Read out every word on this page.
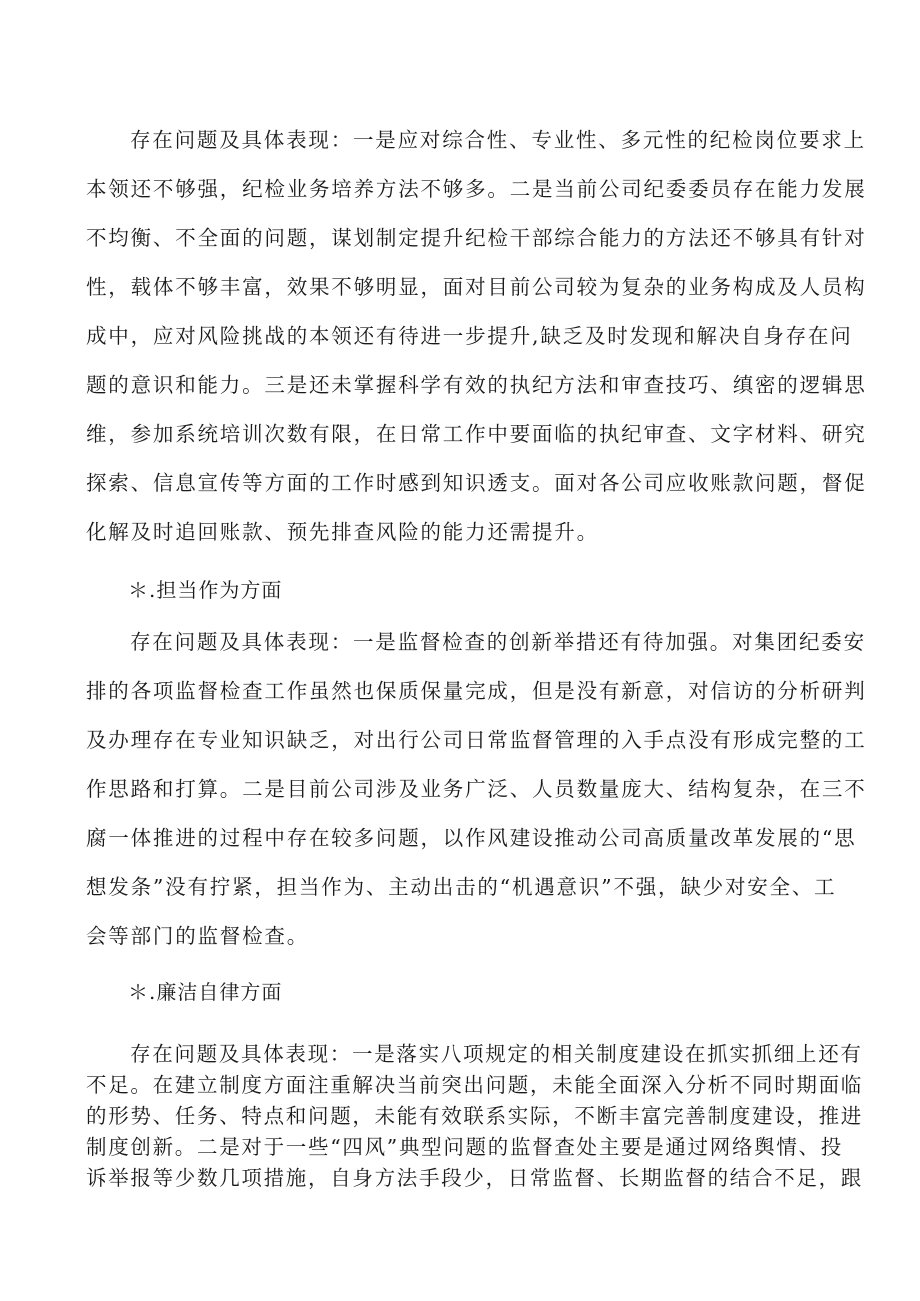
存在问题及具体表现：一是应对综合性、专业性、多元性的纪检岗位要求上

本领还不够强，纪检业务培养方法不够多。二是当前公司纪委委员存在能力发展

不均衡、不全面的问题，谋划制定提升纪检干部综合能力的方法还不够具有针对

性，载体不够丰富，效果不够明显，面对目前公司较为复杂的业务构成及人员构

成中，应对风险挑战的本领还有待进一步提升,缺乏及时发现和解决自身存在问

题的意识和能力。三是还未掌握科学有效的执纪方法和审查技巧、缜密的逻辑思

维，参加系统培训次数有限，在日常工作中要面临的执纪审查、文字材料、研究

探索、信息宣传等方面的工作时感到知识透支。面对各公司应收账款问题，督促

化解及时追回账款、预先排查风险的能力还需提升。

＊.担当作为方面

存在问题及具体表现：一是监督检查的创新举措还有待加强。对集团纪委安

排的各项监督检查工作虽然也保质保量完成，但是没有新意，对信访的分析研判

及办理存在专业知识缺乏，对出行公司日常监督管理的入手点没有形成完整的工

作思路和打算。二是目前公司涉及业务广泛、人员数量庞大、结构复杂，在三不

腐一体推进的过程中存在较多问题，以作风建设推动公司高质量改革发展的“思

想发条”没有拧紧，担当作为、主动出击的“机遇意识”不强，缺少对安全、工

会等部门的监督检查。

＊.廉洁自律方面

存在问题及具体表现：一是落实八项规定的相关制度建设在抓实抓细上还有

不足。在建立制度方面注重解决当前突出问题，未能全面深入分析不同时期面临

的形势、任务、特点和问题，未能有效联系实际，不断丰富完善制度建设，推进

制度创新。二是对于一些“四风”典型问题的监督查处主要是通过网络舆情、投

诉举报等少数几项措施，自身方法手段少，日常监督、长期监督的结合不足，跟
